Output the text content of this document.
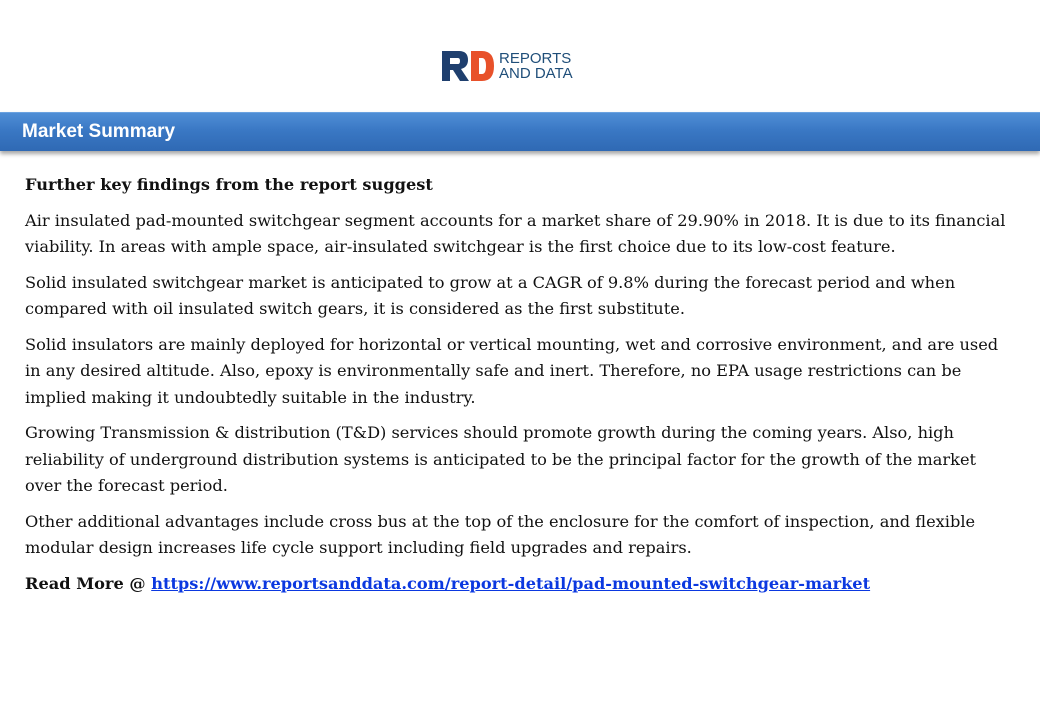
REPORTS
AND DATA
Market Summary

Further key findings from the report suggest

Air insulated pad-mounted switchgear segment accounts for a market share of 29.90% in 2018. It is due to its financial viability. In areas with ample space, air-insulated switchgear is the first choice due to its low-cost feature.

Solid insulated switchgear market is anticipated to grow at a CAGR of 9.8% during the forecast period and when compared with oil insulated switch gears, it is considered as the first substitute.

Solid insulators are mainly deployed for horizontal or vertical mounting, wet and corrosive environment, and are used in any desired altitude. Also, epoxy is environmentally safe and inert. Therefore, no EPA usage restrictions can be implied making it undoubtedly suitable in the industry.

Growing Transmission & distribution (T&D) services should promote growth during the coming years. Also, high reliability of underground distribution systems is anticipated to be the principal factor for the growth of the market over the forecast period.

Other additional advantages include cross bus at the top of the enclosure for the comfort of inspection, and flexible modular design increases life cycle support including field upgrades and repairs.

Read More @ https://www.reportsanddata.com/report-detail/pad-mounted-switchgear-market
